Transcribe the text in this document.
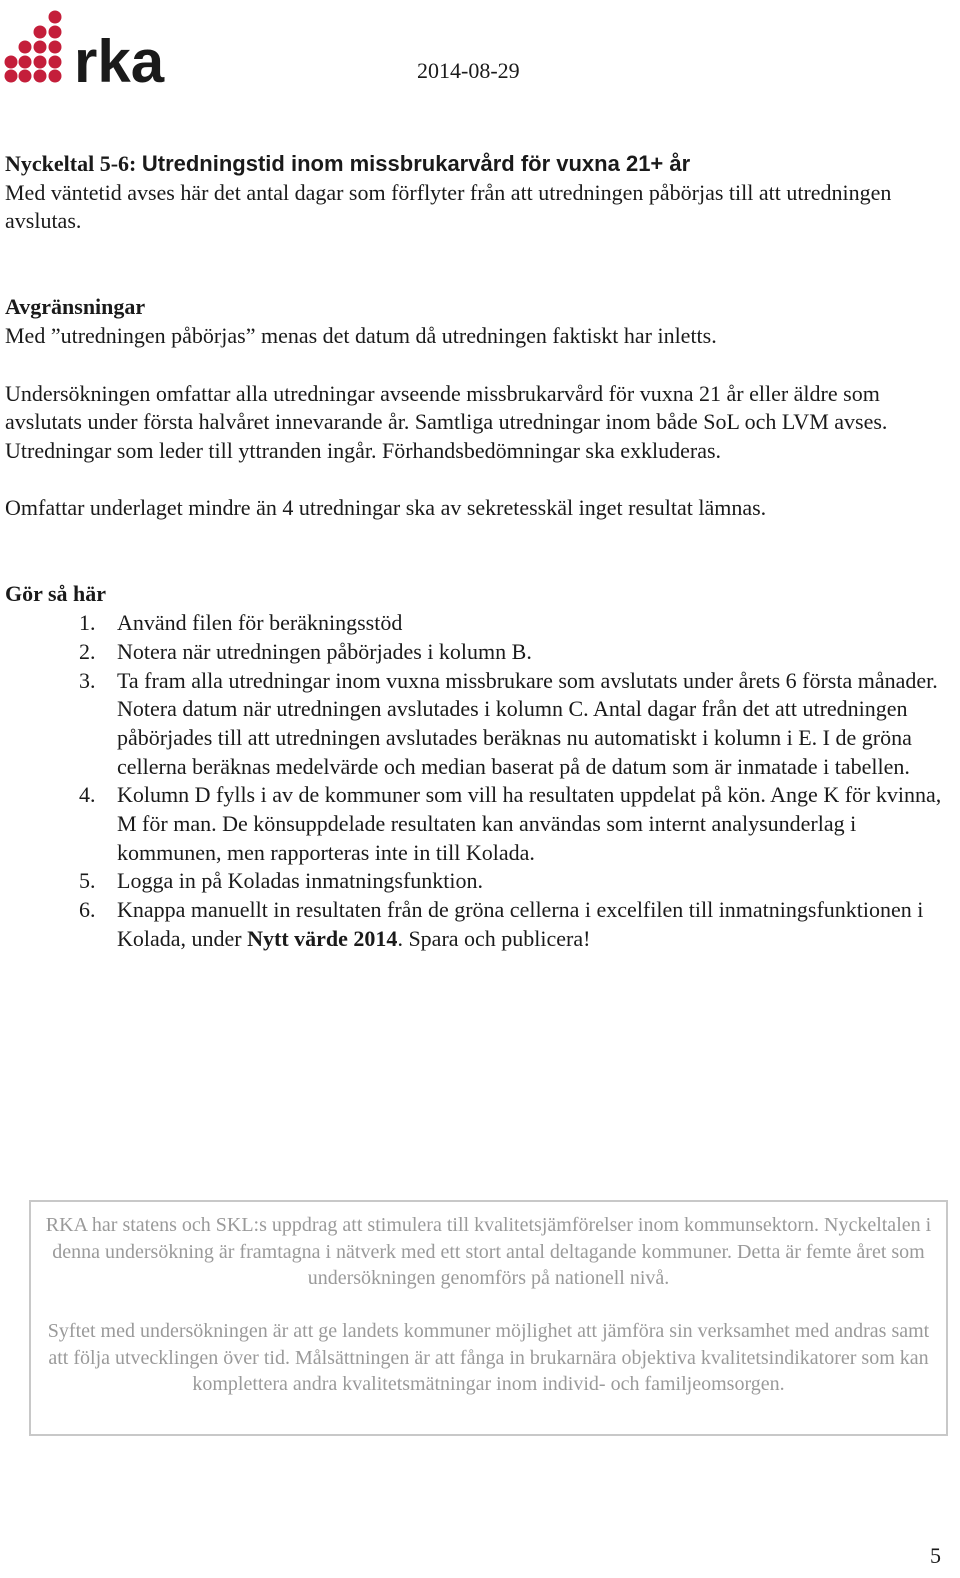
rka	2014-08-29

Nyckeltal 5-6: Utredningstid inom missbrukarvård för vuxna 21+ år

Med väntetid avses här det antal dagar som förflyter från att utredningen påbörjas till att utredningen avslutas.

Avgränsningar

Med ”utredningen påbörjas” menas det datum då utredningen faktiskt har inletts.

Undersökningen omfattar alla utredningar avseende missbrukarvård för vuxna 21 år eller äldre som avslutats under första halvåret innevarande år. Samtliga utredningar inom både SoL och LVM avses. Utredningar som leder till yttranden ingår. Förhandsbedömningar ska exkluderas.

Omfattar underlaget mindre än 4 utredningar ska av sekretesskäl inget resultat lämnas.

Gör så här

1. Använd filen för beräkningsstöd
2. Notera när utredningen påbörjades i kolumn B.
3. Ta fram alla utredningar inom vuxna missbrukare som avslutats under årets 6 första månader. Notera datum när utredningen avslutades i kolumn C. Antal dagar från det att utredningen påbörjades till att utredningen avslutades beräknas nu automatiskt i kolumn i E. I de gröna cellerna beräknas medelvärde och median baserat på de datum som är inmatade i tabellen.
4. Kolumn D fylls i av de kommuner som vill ha resultaten uppdelat på kön. Ange K för kvinna, M för man. De könsuppdelade resultaten kan användas som internt analysunderlag i kommunen, men rapporteras inte in till Kolada.
5. Logga in på Koladas inmatningsfunktion.
6. Knappa manuellt in resultaten från de gröna cellerna i excelfilen till inmatningsfunktionen i Kolada, under Nytt värde 2014. Spara och publicera!

RKA har statens och SKL:s uppdrag att stimulera till kvalitetsjämförelser inom kommunsektorn. Nyckeltalen i denna undersökning är framtagna i nätverk med ett stort antal deltagande kommuner. Detta är femte året som undersökningen genomförs på nationell nivå.

Syftet med undersökningen är att ge landets kommuner möjlighet att jämföra sin verksamhet med andras samt att följa utvecklingen över tid. Målsättningen är att fånga in brukarnära objektiva kvalitetsindikatorer som kan komplettera andra kvalitetsmätningar inom individ- och familjeomsorgen.

5
